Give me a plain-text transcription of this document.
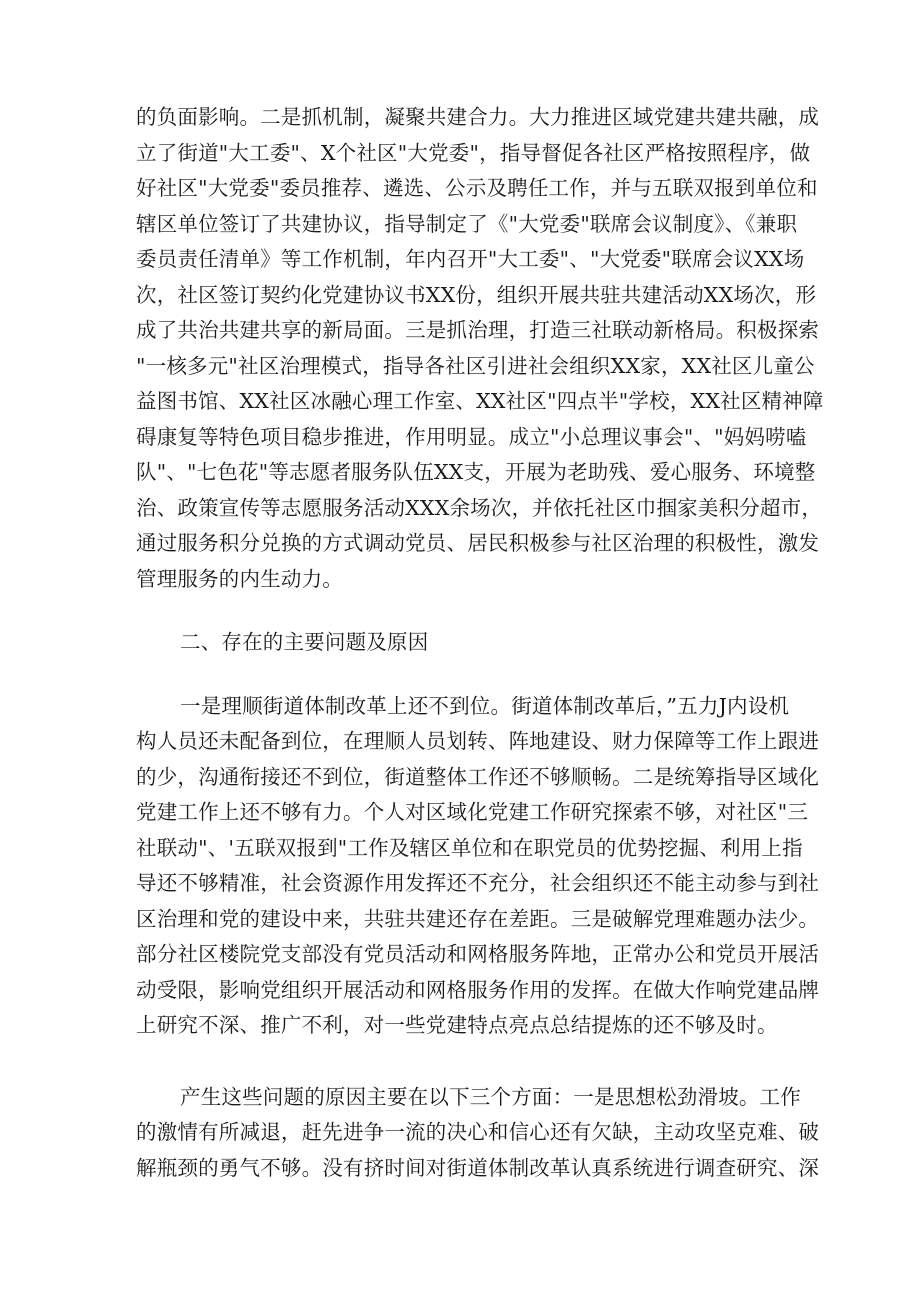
的负面影响。二是抓机制，凝聚共建合力。大力推进区域党建共建共融，成
立了街道"大工委"、X个社区"大党委"，指导督促各社区严格按照程序，做
好社区"大党委"委员推荐、遴选、公示及聘任工作，并与五联双报到单位和
辖区单位签订了共建协议，指导制定了《"大党委"联席会议制度》、《兼职
委员责任清单》等工作机制，年内召开"大工委"、"大党委"联席会议XX场
次，社区签订契约化党建协议书XX份，组织开展共驻共建活动XX场次，形
成了共治共建共享的新局面。三是抓治理，打造三社联动新格局。积极探索
"一核多元"社区治理模式，指导各社区引进社会组织XX家，XX社区儿童公
益图书馆、XX社区冰融心理工作室、XX社区"四点半"学校，XX社区精神障
碍康复等特色项目稳步推进，作用明显。成立"小总理议事会"、"妈妈唠嗑
队"、"七色花"等志愿者服务队伍XX支，开展为老助残、爱心服务、环境整
治、政策宣传等志愿服务活动XXX余场次，并依托社区巾掴家美积分超市，
通过服务积分兑换的方式调动党员、居民积极参与社区治理的积极性，激发
管理服务的内生动力。
二、存在的主要问题及原因
一是理顺街道体制改革上还不到位。街道体制改革后，”五力J内设机
构人员还未配备到位，在理顺人员划转、阵地建设、财力保障等工作上跟进
的少，沟通衔接还不到位，街道整体工作还不够顺畅。二是统筹指导区域化
党建工作上还不够有力。个人对区域化党建工作研究探索不够，对社区"三
社联动"、'五联双报到"工作及辖区单位和在职党员的优势挖掘、利用上指
导还不够精准，社会资源作用发挥还不充分，社会组织还不能主动参与到社
区治理和党的建设中来，共驻共建还存在差距。三是破解党理难题办法少。
部分社区楼院党支部没有党员活动和网格服务阵地，正常办公和党员开展活
动受限，影响党组织开展活动和网格服务作用的发挥。在做大作响党建品牌
上研究不深、推广不利，对一些党建特点亮点总结提炼的还不够及时。
产生这些问题的原因主要在以下三个方面：一是思想松劲滑坡。工作
的激情有所减退，赶先进争一流的决心和信心还有欠缺，主动攻坚克难、破
解瓶颈的勇气不够。没有挤时间对街道体制改革认真系统进行调查研究、深
